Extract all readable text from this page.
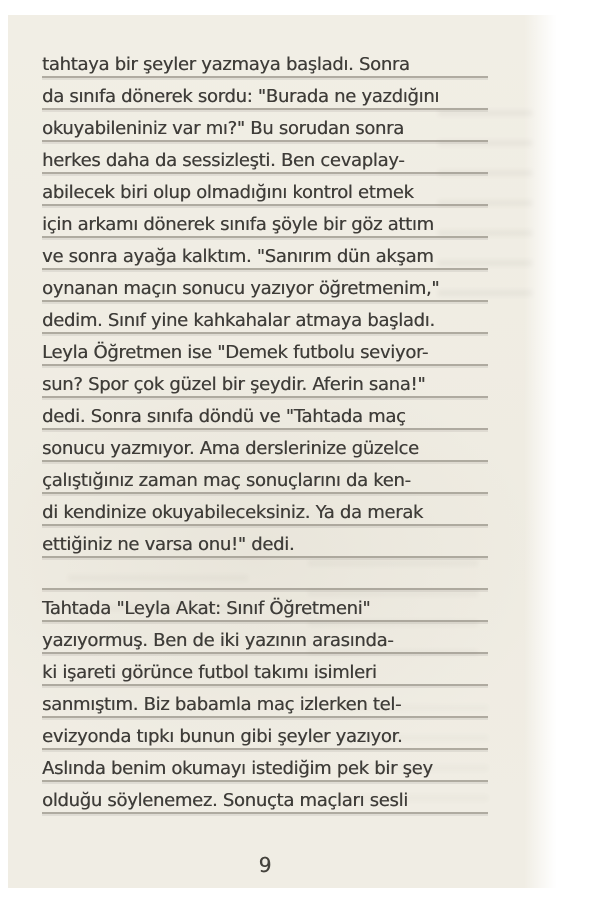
tahtaya bir şeyler yazmaya başladı. Sonra
da sınıfa dönerek sordu: "Burada ne yazdığını
okuyabileniniz var mı?" Bu sorudan sonra
herkes daha da sessizleşti. Ben cevaplay-
abilecek biri olup olmadığını kontrol etmek
için arkamı dönerek sınıfa şöyle bir göz attım
ve sonra ayağa kalktım. "Sanırım dün akşam
oynanan maçın sonucu yazıyor öğretmenim,"
dedim. Sınıf yine kahkahalar atmaya başladı.
Leyla Öğretmen ise "Demek futbolu seviyor-
sun? Spor çok güzel bir şeydir. Aferin sana!"
dedi. Sonra sınıfa döndü ve "Tahtada maç
sonucu yazmıyor. Ama derslerinize güzelce
çalıştığınız zaman maç sonuçlarını da ken-
di kendinize okuyabileceksiniz. Ya da merak
ettiğiniz ne varsa onu!" dedi.
Tahtada "Leyla Akat: Sınıf Öğretmeni"
yazıyormuş. Ben de iki yazının arasında-
ki işareti görünce futbol takımı isimleri
sanmıştım. Biz babamla maç izlerken tel-
evizyonda tıpkı bunun gibi şeyler yazıyor.
Aslında benim okumayı istediğim pek bir şey
olduğu söylenemez. Sonuçta maçları sesli
9
